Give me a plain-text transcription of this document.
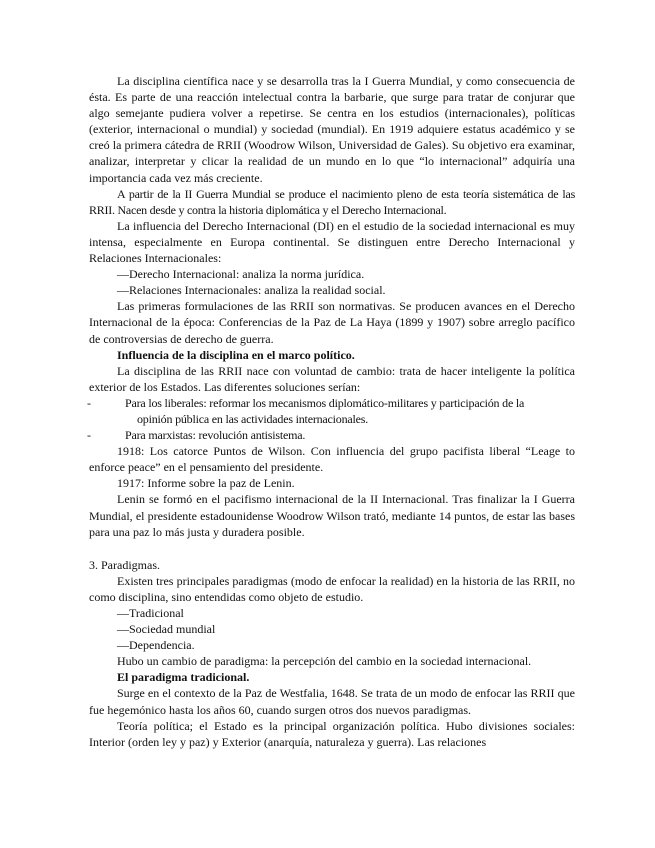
La disciplina científica nace y se desarrolla tras la I Guerra Mundial, y como consecuencia de ésta. Es parte de una reacción intelectual contra la barbarie, que surge para tratar de conjurar que algo semejante pudiera volver a repetirse. Se centra en los estudios (internacionales), políticas (exterior, internacional o mundial) y sociedad (mundial). En 1919 adquiere estatus académico y se creó la primera cátedra de RRII (Woodrow Wilson, Universidad de Gales). Su objetivo era examinar, analizar, interpretar y clicar la realidad de un mundo en lo que “lo internacional” adquiría una importancia cada vez más creciente.

A partir de la II Guerra Mundial se produce el nacimiento pleno de esta teoría sistemática de las RRII. Nacen desde y contra la historia diplomática y el Derecho Internacional.

La influencia del Derecho Internacional (DI) en el estudio de la sociedad internacional es muy intensa, especialmente en Europa continental. Se distinguen entre Derecho Internacional y Relaciones Internacionales:

—Derecho Internacional: analiza la norma jurídica.

—Relaciones Internacionales: analiza la realidad social.

Las primeras formulaciones de las RRII son normativas. Se producen avances en el Derecho Internacional de la época: Conferencias de la Paz de La Haya (1899 y 1907) sobre arreglo pacífico de controversias de derecho de guerra.

Influencia de la disciplina en el marco político.

La disciplina de las RRII nace con voluntad de cambio: trata de hacer inteligente la política exterior de los Estados. Las diferentes soluciones serían:

-	Para los liberales: reformar los mecanismos diplomático-militares y participación de la
opinión pública en las actividades internacionales.
-	Para marxistas: revolución antisistema.

1918: Los catorce Puntos de Wilson. Con influencia del grupo pacifista liberal “Leage to enforce peace” en el pensamiento del presidente.

1917: Informe sobre la paz de Lenin.

Lenin se formó en el pacifismo internacional de la II Internacional. Tras finalizar la I Guerra Mundial, el presidente estadounidense Woodrow Wilson trató, mediante 14 puntos, de estar las bases para una paz lo más justa y duradera posible.

3. Paradigmas.

Existen tres principales paradigmas (modo de enfocar la realidad) en la historia de las RRII, no como disciplina, sino entendidas como objeto de estudio.

—Tradicional

—Sociedad mundial

—Dependencia.

Hubo un cambio de paradigma: la percepción del cambio en la sociedad internacional.

El paradigma tradicional.

Surge en el contexto de la Paz de Westfalia, 1648. Se trata de un modo de enfocar las RRII que fue hegemónico hasta los años 60, cuando surgen otros dos nuevos paradigmas.

Teoría política; el Estado es la principal organización política. Hubo divisiones sociales: Interior (orden ley y paz) y Exterior (anarquía, naturaleza y guerra). Las relaciones
